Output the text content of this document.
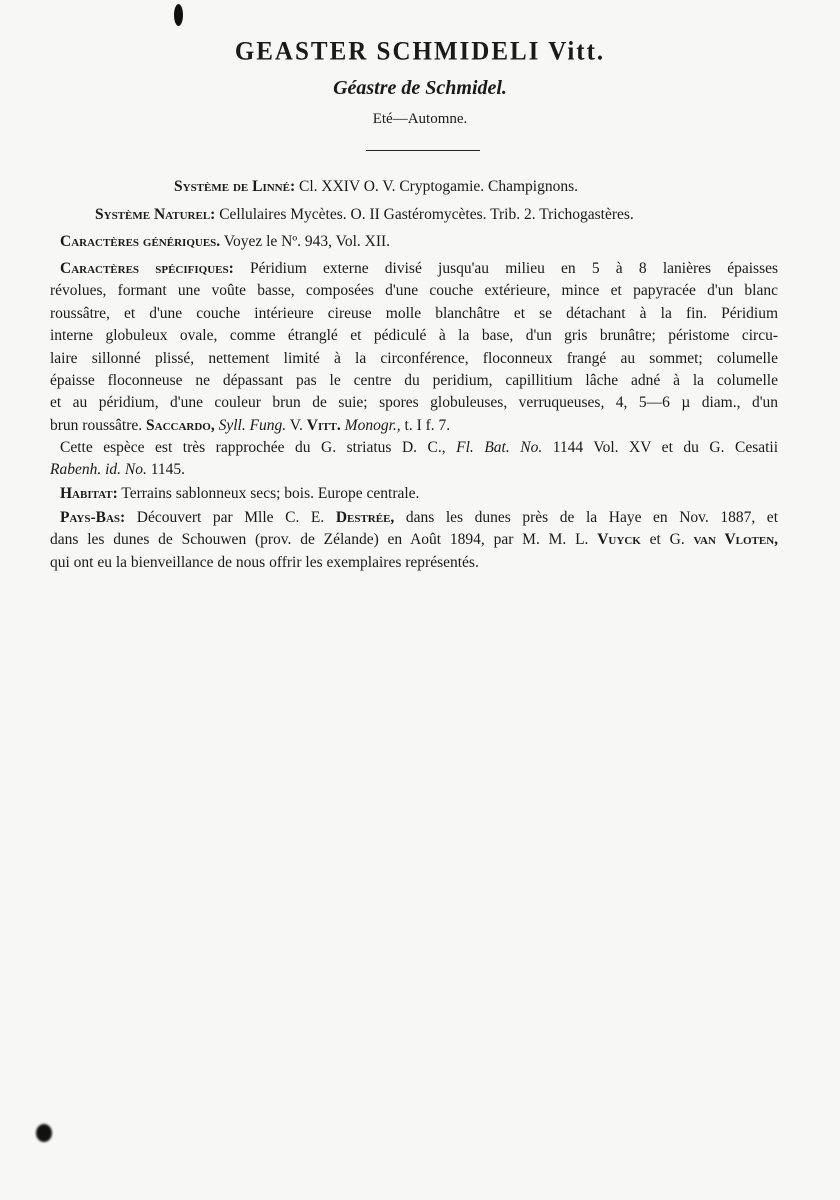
GEASTER SCHMIDELI Vitt.
Géastre de Schmidel.
Eté—Automne.
Système de Linné: Cl. XXIV O. V. Cryptogamie. Champignons.
Système Naturel: Cellulaires Mycètes. O. II Gastéromycètes. Trib. 2. Trichogastères.
Caractères génériques. Voyez le Nº. 943, Vol. XII.
Caractères spécifiques: Péridium externe divisé jusqu'au milieu en 5 à 8 lanières épaisses
révolues, formant une voûte basse, composées d'une couche extérieure, mince et papyracée d'un blanc
roussâtre, et d'une couche intérieure cireuse molle blanchâtre et se détachant à la fin. Péridium
interne globuleux ovale, comme étranglé et pédiculé à la base, d'un gris brunâtre; péristome circu-
laire sillonné plissé, nettement limité à la circonférence, floconneux frangé au sommet; columelle
épaisse floconneuse ne dépassant pas le centre du peridium, capillitium lâche adné à la columelle
et au péridium, d'une couleur brun de suie; spores globuleuses, verruqueuses, 4, 5—6 µ diam., d'un
brun roussâtre. Saccardo, Syll. Fung. V. Vitt. Monogr., t. I f. 7.
Cette espèce est très rapprochée du G. striatus D. C., Fl. Bat. No. 1144 Vol. XV et du G. Cesatii
Rabenh. id. No. 1145.
Habitat: Terrains sablonneux secs; bois. Europe centrale.
Pays-Bas: Découvert par Mlle C. E. Destrée, dans les dunes près de la Haye en Nov. 1887, et
dans les dunes de Schouwen (prov. de Zélande) en Août 1894, par M. M. L. Vuyck et G. van Vloten,
qui ont eu la bienveillance de nous offrir les exemplaires représentés.
